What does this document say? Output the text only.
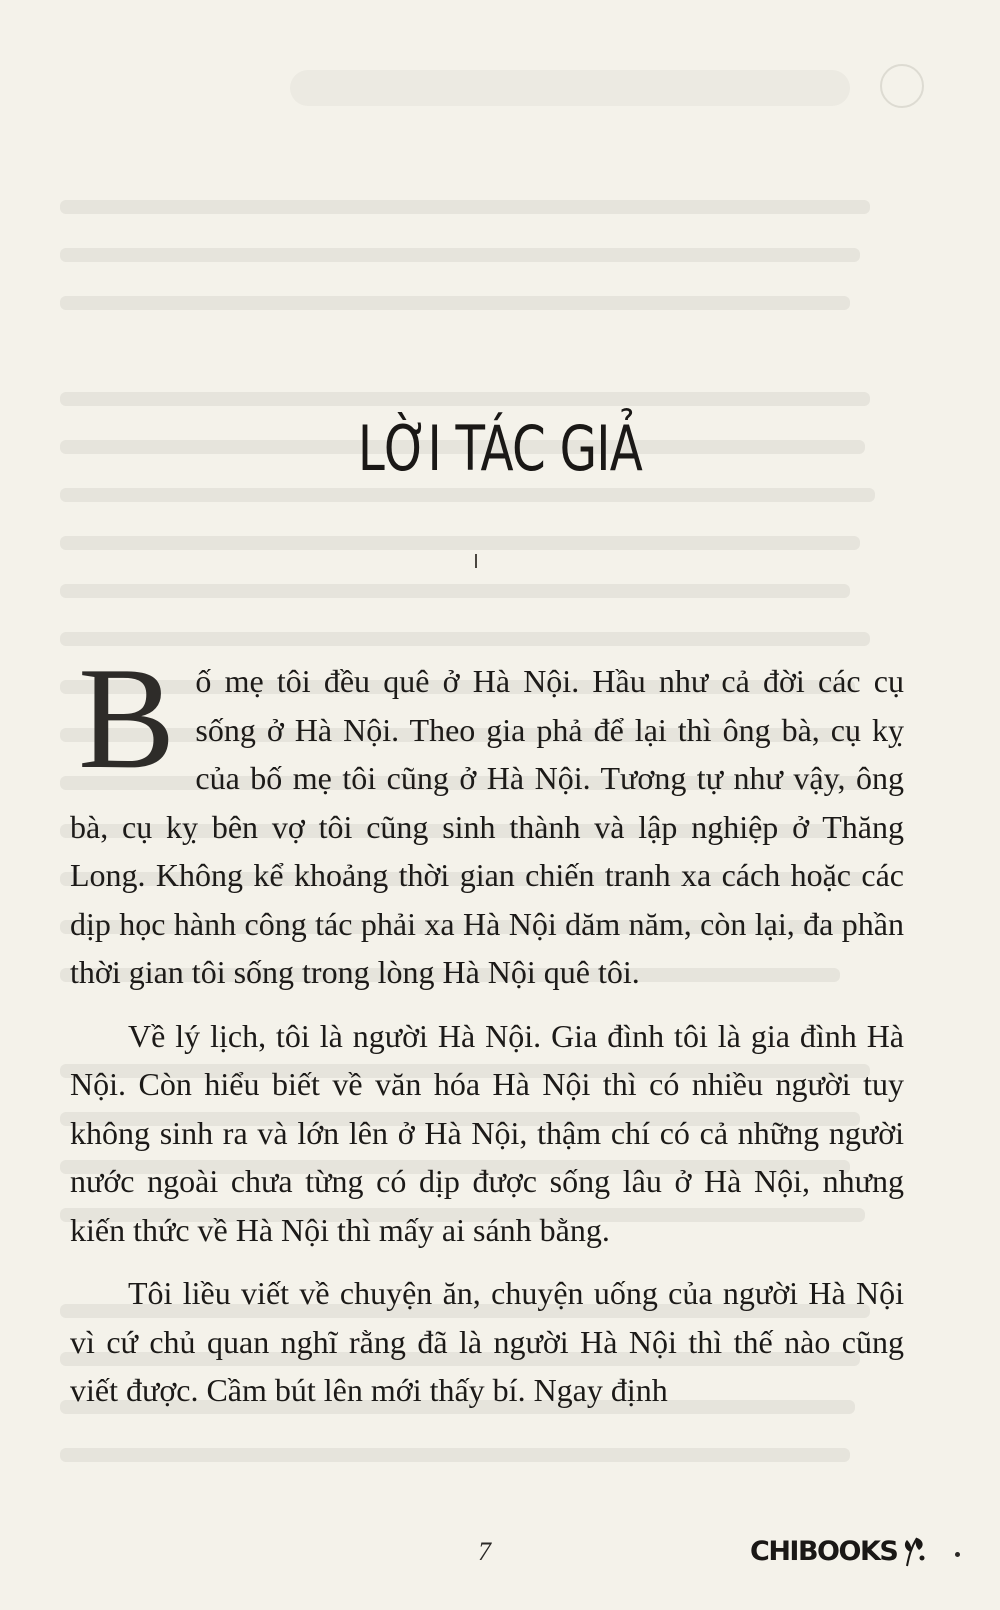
LỜI TÁC GIẢ

Bố mẹ tôi đều quê ở Hà Nội. Hầu như cả đời các cụ sống ở Hà Nội. Theo gia phả để lại thì ông bà, cụ kỵ của bố mẹ tôi cũng ở Hà Nội. Tương tự như vậy, ông bà, cụ kỵ bên vợ tôi cũng sinh thành và lập nghiệp ở Thăng Long. Không kể khoảng thời gian chiến tranh xa cách hoặc các dịp học hành công tác phải xa Hà Nội dăm năm, còn lại, đa phần thời gian tôi sống trong lòng Hà Nội quê tôi.

Về lý lịch, tôi là người Hà Nội. Gia đình tôi là gia đình Hà Nội. Còn hiểu biết về văn hóa Hà Nội thì có nhiều người tuy không sinh ra và lớn lên ở Hà Nội, thậm chí có cả những người nước ngoài chưa từng có dịp được sống lâu ở Hà Nội, nhưng kiến thức về Hà Nội thì mấy ai sánh bằng.

Tôi liều viết về chuyện ăn, chuyện uống của người Hà Nội vì cứ chủ quan nghĩ rằng đã là người Hà Nội thì thế nào cũng viết được. Cầm bút lên mới thấy bí. Ngay định

7	CHIBOOKS
